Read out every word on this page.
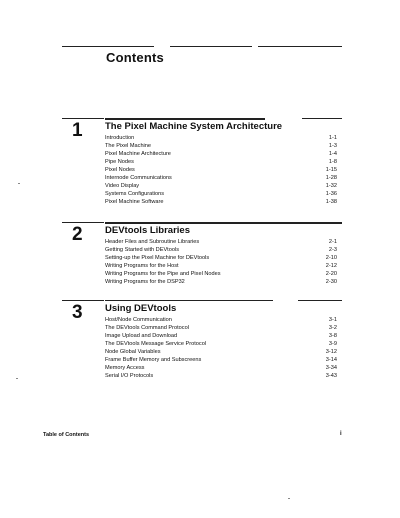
Contents
1 The Pixel Machine System Architecture
Introduction	1-1
The Pixel Machine	1-3
Pixel Machine Architecture	1-4
Pipe Nodes	1-8
Pixel Nodes	1-15
Internode Communications	1-28
Video Display	1-32
Systems Configurations	1-36
Pixel Machine Software	1-38
2 DEVtools Libraries
Header Files and Subroutine Libraries	2-1
Getting Started with DEVtools	2-3
Setting-up the Pixel Machine for DEVtools	2-10
Writing Programs for the Host	2-12
Writing Programs for the Pipe and Pixel Nodes	2-20
Writing Programs for the DSP32	2-30
3 Using DEVtools
Host/Node Communication	3-1
The DEVtools Command Protocol	3-2
Image Upload and Download	3-8
The DEVtools Message Service Protocol	3-9
Node Global Variables	3-12
Frame Buffer Memory and Subscreens	3-14
Memory Access	3-34
Serial I/O Protocols	3-43
Table of Contents	i
